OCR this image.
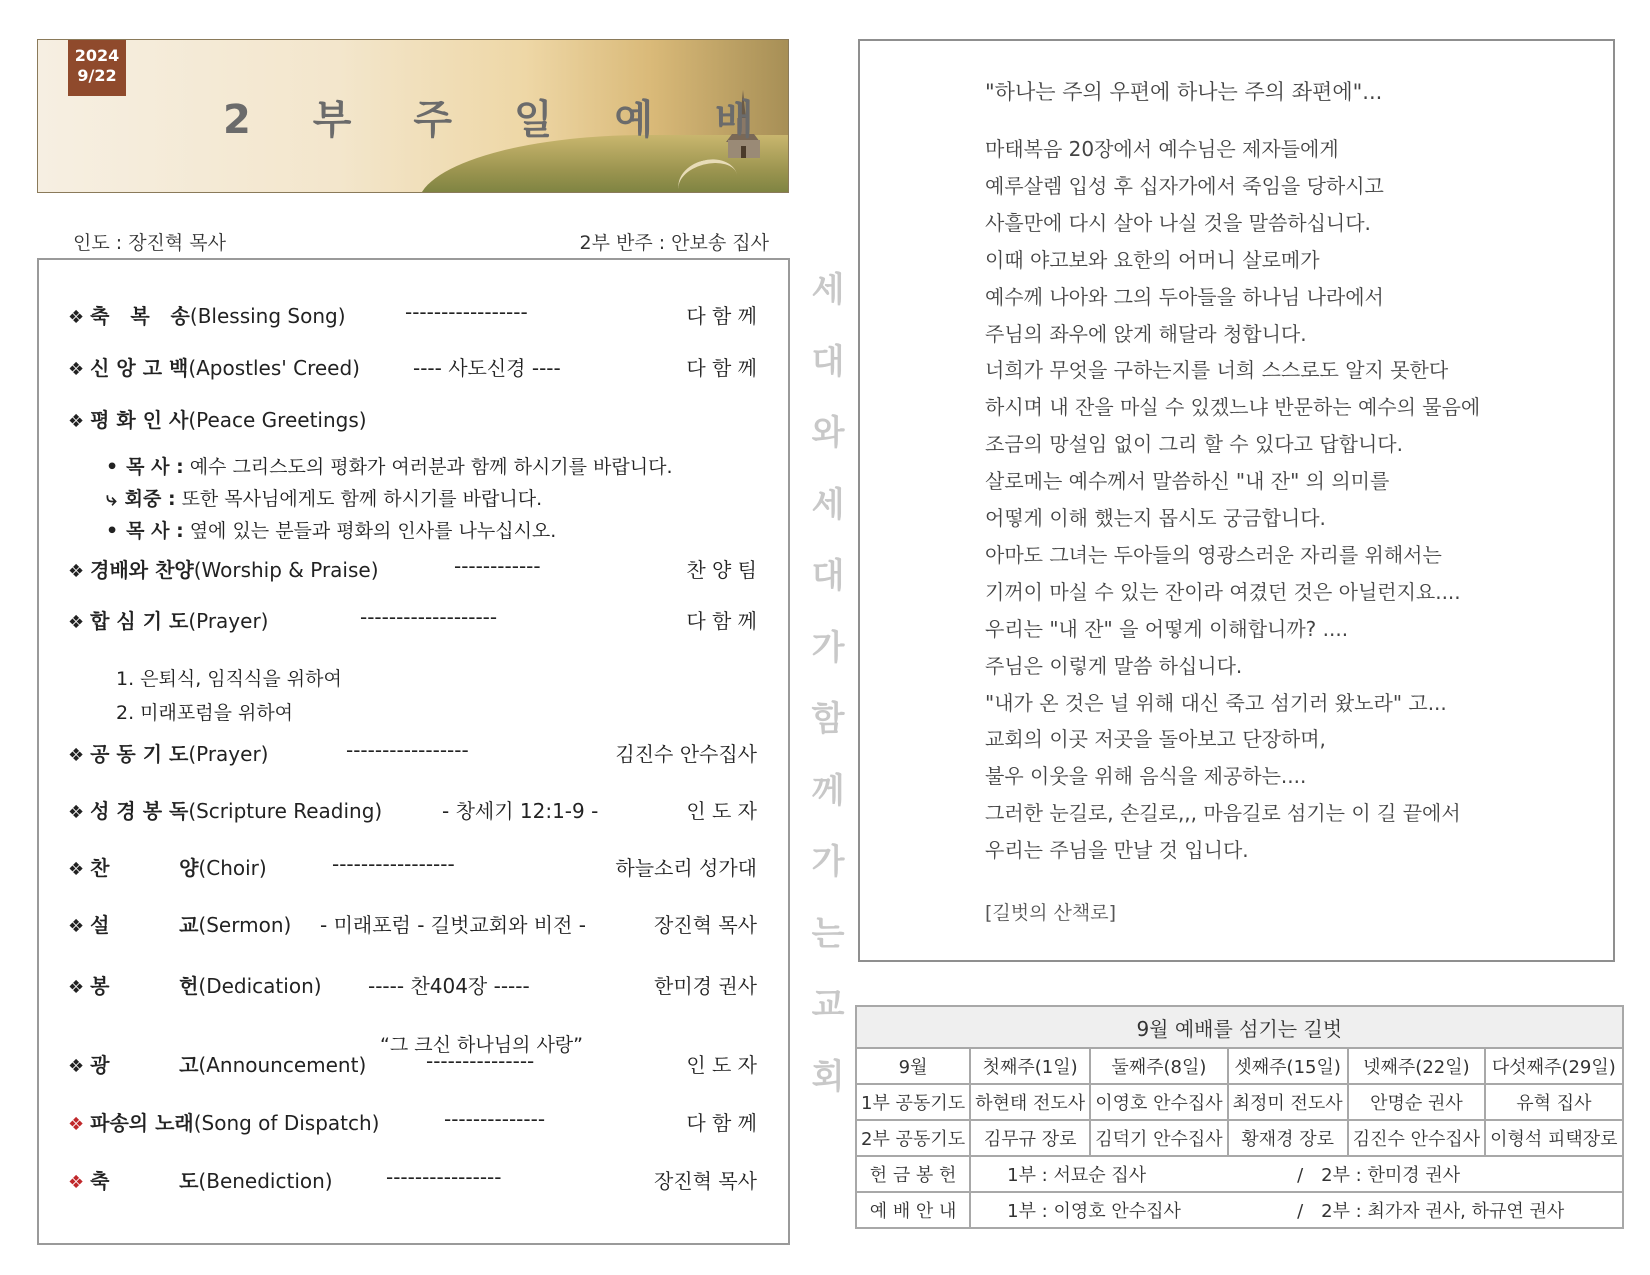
2024
9/22
2 부 주 일 예 배
인도 : 장진혁 목사	2부 반주 : 안보송 집사
❖ 축   복   송(Blessing Song)	-----------------	다 함 께
❖ 신 앙 고 백(Apostles' Creed)	---- 사도신경 ----	다 함 께
❖ 평 화 인 사(Peace Greetings)
❖ 경배와 찬양(Worship & Praise)	------------	찬 양 팀
❖ 합 심 기 도(Prayer)	-------------------	다 함 께
❖ 공 동 기 도(Prayer)	-----------------	김진수 안수집사
❖ 성 경 봉 독(Scripture Reading)	- 창세기 12:1-9 -	인 도 자
❖ 찬          양(Choir)	-----------------	하늘소리 성가대
❖ 설          교(Sermon) - 미래포럼 - 길벗교회와 비전 -	장진혁 목사
❖ 봉          헌(Dedication) ----- 찬404장 -----	한미경 권사
❖ 광          고(Announcement)	---------------	인 도 자
❖ 파송의 노래(Song of Dispatch)	--------------	다 함 께
❖ 축          도(Benediction)	----------------	장진혁 목사
• 목 사 : 예수 그리스도의 평화가 여러분과 함께 하시기를 바랍니다.
⤷ 회중 : 또한 목사님에게도 함께 하시기를 바랍니다.
• 목 사 : 옆에 있는 분들과 평화의 인사를 나누십시오.
1. 은퇴식, 임직식을 위하여
2. 미래포럼을 위하여
“그 크신 하나님의 사랑”
세
대
와
세
대
가
함
께
가
는
교
회
"하나는 주의 우편에 하나는 주의 좌편에"...
마태복음 20장에서 예수님은 제자들에게
예루살렘 입성 후 십자가에서 죽임을 당하시고
사흘만에 다시 살아 나실 것을 말씀하십니다.
이때 야고보와 요한의 어머니 살로메가
예수께 나아와 그의 두아들을 하나님 나라에서
주님의 좌우에 앉게 해달라 청합니다.
너희가 무엇을 구하는지를 너희 스스로도 알지 못한다
하시며 내 잔을 마실 수 있겠느냐 반문하는 예수의 물음에
조금의 망설임 없이 그리 할 수 있다고 답합니다.
살로메는 예수께서 말씀하신 "내 잔" 의 의미를
어떻게 이해 했는지 몹시도 궁금합니다.
아마도 그녀는 두아들의 영광스러운 자리를 위해서는
기꺼이 마실 수 있는 잔이라 여겼던 것은 아닐런지요....
우리는 "내 잔" 을 어떻게 이해합니까? ....
주님은 이렇게 말씀 하십니다.
"내가 온 것은 널 위해 대신 죽고 섬기러 왔노라" 고...
교회의 이곳 저곳을 돌아보고 단장하며,
불우 이웃을 위해 음식을 제공하는....
그러한 눈길로, 손길로,,, 마음길로 섬기는 이 길 끝에서
우리는 주님을 만날 것 입니다.
[길벗의 산책로]
9월 예배를 섬기는 길벗					
9월	첫째주(1일)	둘째주(8일)	셋째주(15일)	넷째주(22일)	다섯째주(29일)
1부 공동기도	하현태 전도사	이영호 안수집사	최정미 전도사	안명순 권사	유혁 집사
2부 공동기도	김무규 장로	김덕기 안수집사	황재경 장로	김진수 안수집사	이형석 피택장로
헌 금 봉 헌	1부 : 서묘순 집사 / 2부 : 한미경 권사				
예 배 안 내	1부 : 이영호 안수집사 / 2부 : 최가자 권사, 하규연 권사				
